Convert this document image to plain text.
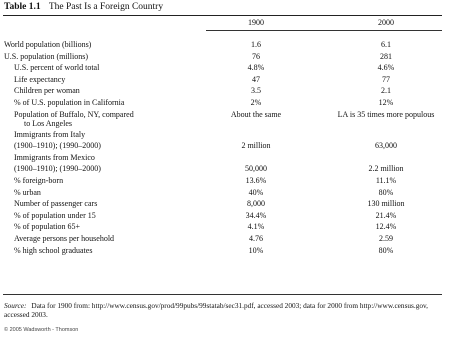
Table 1.1 The Past Is a Foreign Country
1900	2000
World population (billions)	1.6	6.1
U.S. population (millions)	76	281
U.S. percent of world total	4.8%	4.6%
Life expectancy	47	77
Children per woman	3.5	2.1
% of U.S. population in California	2%	12%
Population of Buffalo, NY, compared
to Los Angeles
About the same	LA is 35 times more populous
Immigrants from Italy
(1900–1910); (1990–2000)	2 million	63,000
Immigrants from Mexico
(1900–1910); (1990–2000)	50,000	2.2 million
% foreign-born	13.6%	11.1%
% urban	40%	80%
Number of passenger cars	8,000	130 million
% of population under 15	34.4%	21.4%
% of population 65+	4.1%	12.4%
Average persons per household	4.76	2.59
% high school graduates	10%	80%
Source: Data for 1900 from: http://www.census.gov/prod/99pubs/99statab/sec31.pdf, accessed 2003; data for 2000 from http://www.census.gov, accessed 2003.
© 2005 Wadsworth - Thomson
